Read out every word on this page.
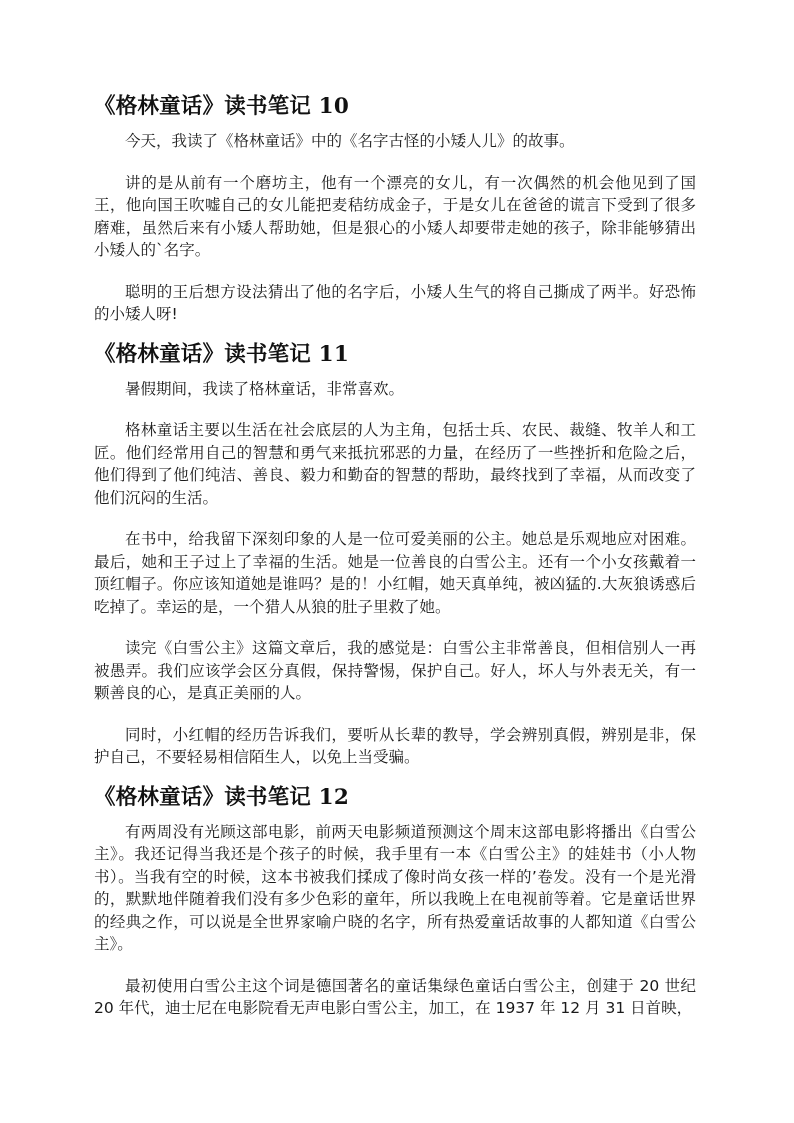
《格林童话》读书笔记 10

今天，我读了《格林童话》中的《名字古怪的小矮人儿》的故事。

讲的是从前有一个磨坊主，他有一个漂亮的女儿，有一次偶然的机会他见到了国王，他向国王吹嘘自己的女儿能把麦秸纺成金子，于是女儿在爸爸的谎言下受到了很多磨难，虽然后来有小矮人帮助她，但是狠心的小矮人却要带走她的孩子，除非能够猜出小矮人的`名字。

聪明的王后想方设法猜出了他的名字后，小矮人生气的将自己撕成了两半。好恐怖的小矮人呀!

《格林童话》读书笔记 11

暑假期间，我读了格林童话，非常喜欢。

格林童话主要以生活在社会底层的人为主角，包括士兵、农民、裁缝、牧羊人和工匠。他们经常用自己的智慧和勇气来抵抗邪恶的力量，在经历了一些挫折和危险之后，他们得到了他们纯洁、善良、毅力和勤奋的智慧的帮助，最终找到了幸福，从而改变了他们沉闷的生活。

在书中，给我留下深刻印象的人是一位可爱美丽的公主。她总是乐观地应对困难。最后，她和王子过上了幸福的生活。她是一位善良的白雪公主。还有一个小女孩戴着一顶红帽子。你应该知道她是谁吗？是的！小红帽，她天真单纯，被凶猛的.大灰狼诱惑后吃掉了。幸运的是，一个猎人从狼的肚子里救了她。

读完《白雪公主》这篇文章后，我的感觉是：白雪公主非常善良，但相信别人一再被愚弄。我们应该学会区分真假，保持警惕，保护自己。好人，坏人与外表无关，有一颗善良的心，是真正美丽的人。

同时，小红帽的经历告诉我们，要听从长辈的教导，学会辨别真假，辨别是非，保护自己，不要轻易相信陌生人，以免上当受骗。

《格林童话》读书笔记 12

有两周没有光顾这部电影，前两天电影频道预测这个周末这部电影将播出《白雪公主》。我还记得当我还是个孩子的时候，我手里有一本《白雪公主》的娃娃书（小人物书）。当我有空的时候，这本书被我们揉成了像时尚女孩一样的’卷发。没有一个是光滑的，默默地伴随着我们没有多少色彩的童年，所以我晚上在电视前等着。它是童话世界的经典之作，可以说是全世界家喻户晓的名字，所有热爱童话故事的人都知道《白雪公主》。

最初使用白雪公主这个词是德国著名的童话集绿色童话白雪公主，创建于 20 世纪 20 年代，迪士尼在电影院看无声电影白雪公主，加工，在 1937 年 12 月 31 日首映，
